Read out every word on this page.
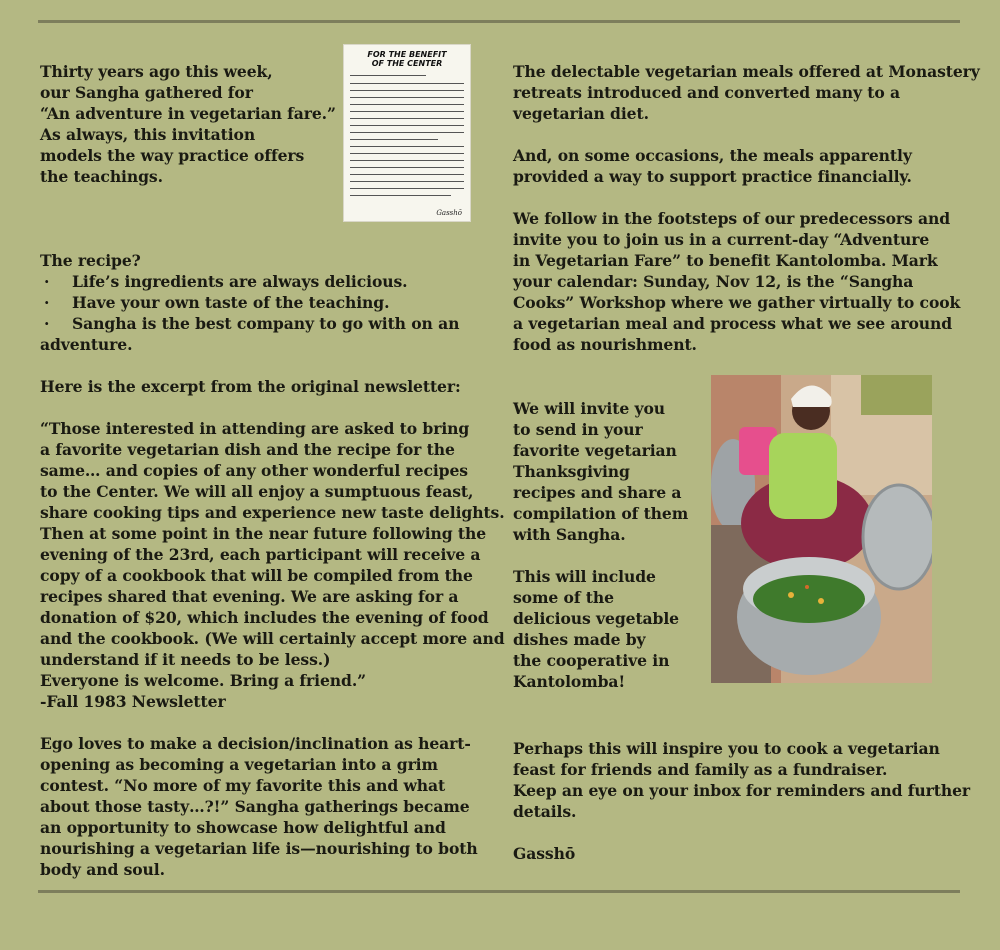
Thirty years ago this week,
our Sangha gathered for
“An adventure in vegetarian fare.”
As always, this invitation
models the way practice offers
the teachings.
The recipe?
· Life’s ingredients are always delicious.
· Have your own taste of the teaching.
· Sangha is the best company to go with on an
adventure.
Here is the excerpt from the original newsletter:
“Those interested in attending are asked to bring
a favorite vegetarian dish and the recipe for the
same… and copies of any other wonderful recipes
to the Center. We will all enjoy a sumptuous feast,
share cooking tips and experience new taste delights.
Then at some point in the near future following the
evening of the 23rd, each participant will receive a
copy of a cookbook that will be compiled from the
recipes shared that evening. We are asking for a
donation of $20, which includes the evening of food
and the cookbook. (We will certainly accept more and
understand if it needs to be less.)
Everyone is welcome. Bring a friend.”
-Fall 1983 Newsletter
Ego loves to make a decision/inclination as heart-
opening as becoming a vegetarian into a grim
contest. “No more of my favorite this and what
about those tasty…?!” Sangha gatherings became
an opportunity to showcase how delightful and
nourishing a vegetarian life is—nourishing to both
body and soul.
FOR THE BENEFIT
OF THE CENTER
Gasshō
The delectable vegetarian meals offered at Monastery
retreats introduced and converted many to a
vegetarian diet.
And, on some occasions, the meals apparently
provided a way to support practice financially.
We follow in the footsteps of our predecessors and
invite you to join us in a current-day “Adventure
in Vegetarian Fare” to benefit Kantolomba. Mark
your calendar: Sunday, Nov 12, is the “Sangha
Cooks” Workshop where we gather virtually to cook
a vegetarian meal and process what we see around
food as nourishment.
We will invite you
to send in your
favorite vegetarian
Thanksgiving
recipes and share a
compilation of them
with Sangha.
This will include
some of the
delicious vegetable
dishes made by
the cooperative in
Kantolomba!
Perhaps this will inspire you to cook a vegetarian
feast for friends and family as a fundraiser.
Keep an eye on your inbox for reminders and further
details.
Gasshō
